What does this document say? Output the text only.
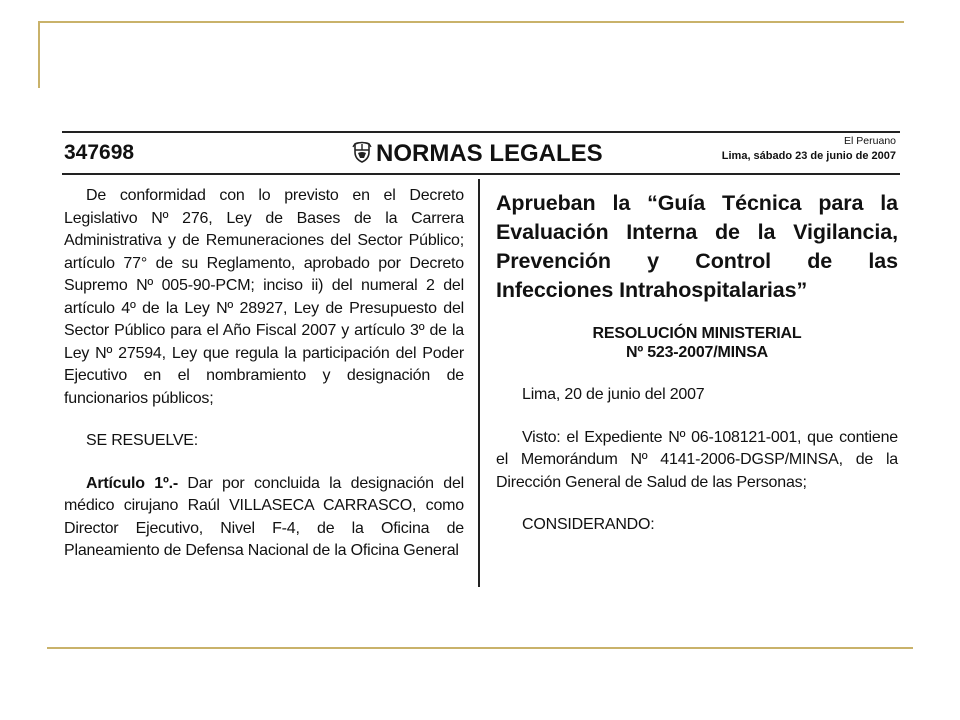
347698	NORMAS LEGALES	El Peruano
Lima, sábado 23 de junio de 2007

De conformidad con lo previsto en el Decreto Legislativo Nº 276, Ley de Bases de la Carrera Administrativa y de Remuneraciones del Sector Público; artículo 77° de su Reglamento, aprobado por Decreto Supremo Nº 005-90-PCM; inciso ii) del numeral 2 del artículo 4º de la Ley Nº 28927, Ley de Presupuesto del Sector Público para el Año Fiscal 2007 y artículo 3º de la Ley Nº 27594, Ley que regula la participación del Poder Ejecutivo en el nombramiento y designación de funcionarios públicos;

SE RESUELVE:

Artículo 1º.- Dar por concluida la designación del médico cirujano Raúl VILLASECA CARRASCO, como Director Ejecutivo, Nivel F-4, de la Oficina de Planeamiento de Defensa Nacional de la Oficina General

Aprueban la “Guía Técnica para la Evaluación Interna de la Vigilancia, Prevención y Control de las Infecciones Intrahospitalarias”
RESOLUCIÓN MINISTERIAL
Nº 523-2007/MINSA

Lima, 20 de junio del 2007

Visto: el Expediente Nº 06-108121-001, que contiene el Memorándum Nº 4141-2006-DGSP/MINSA, de la Dirección General de Salud de las Personas;

CONSIDERANDO:
